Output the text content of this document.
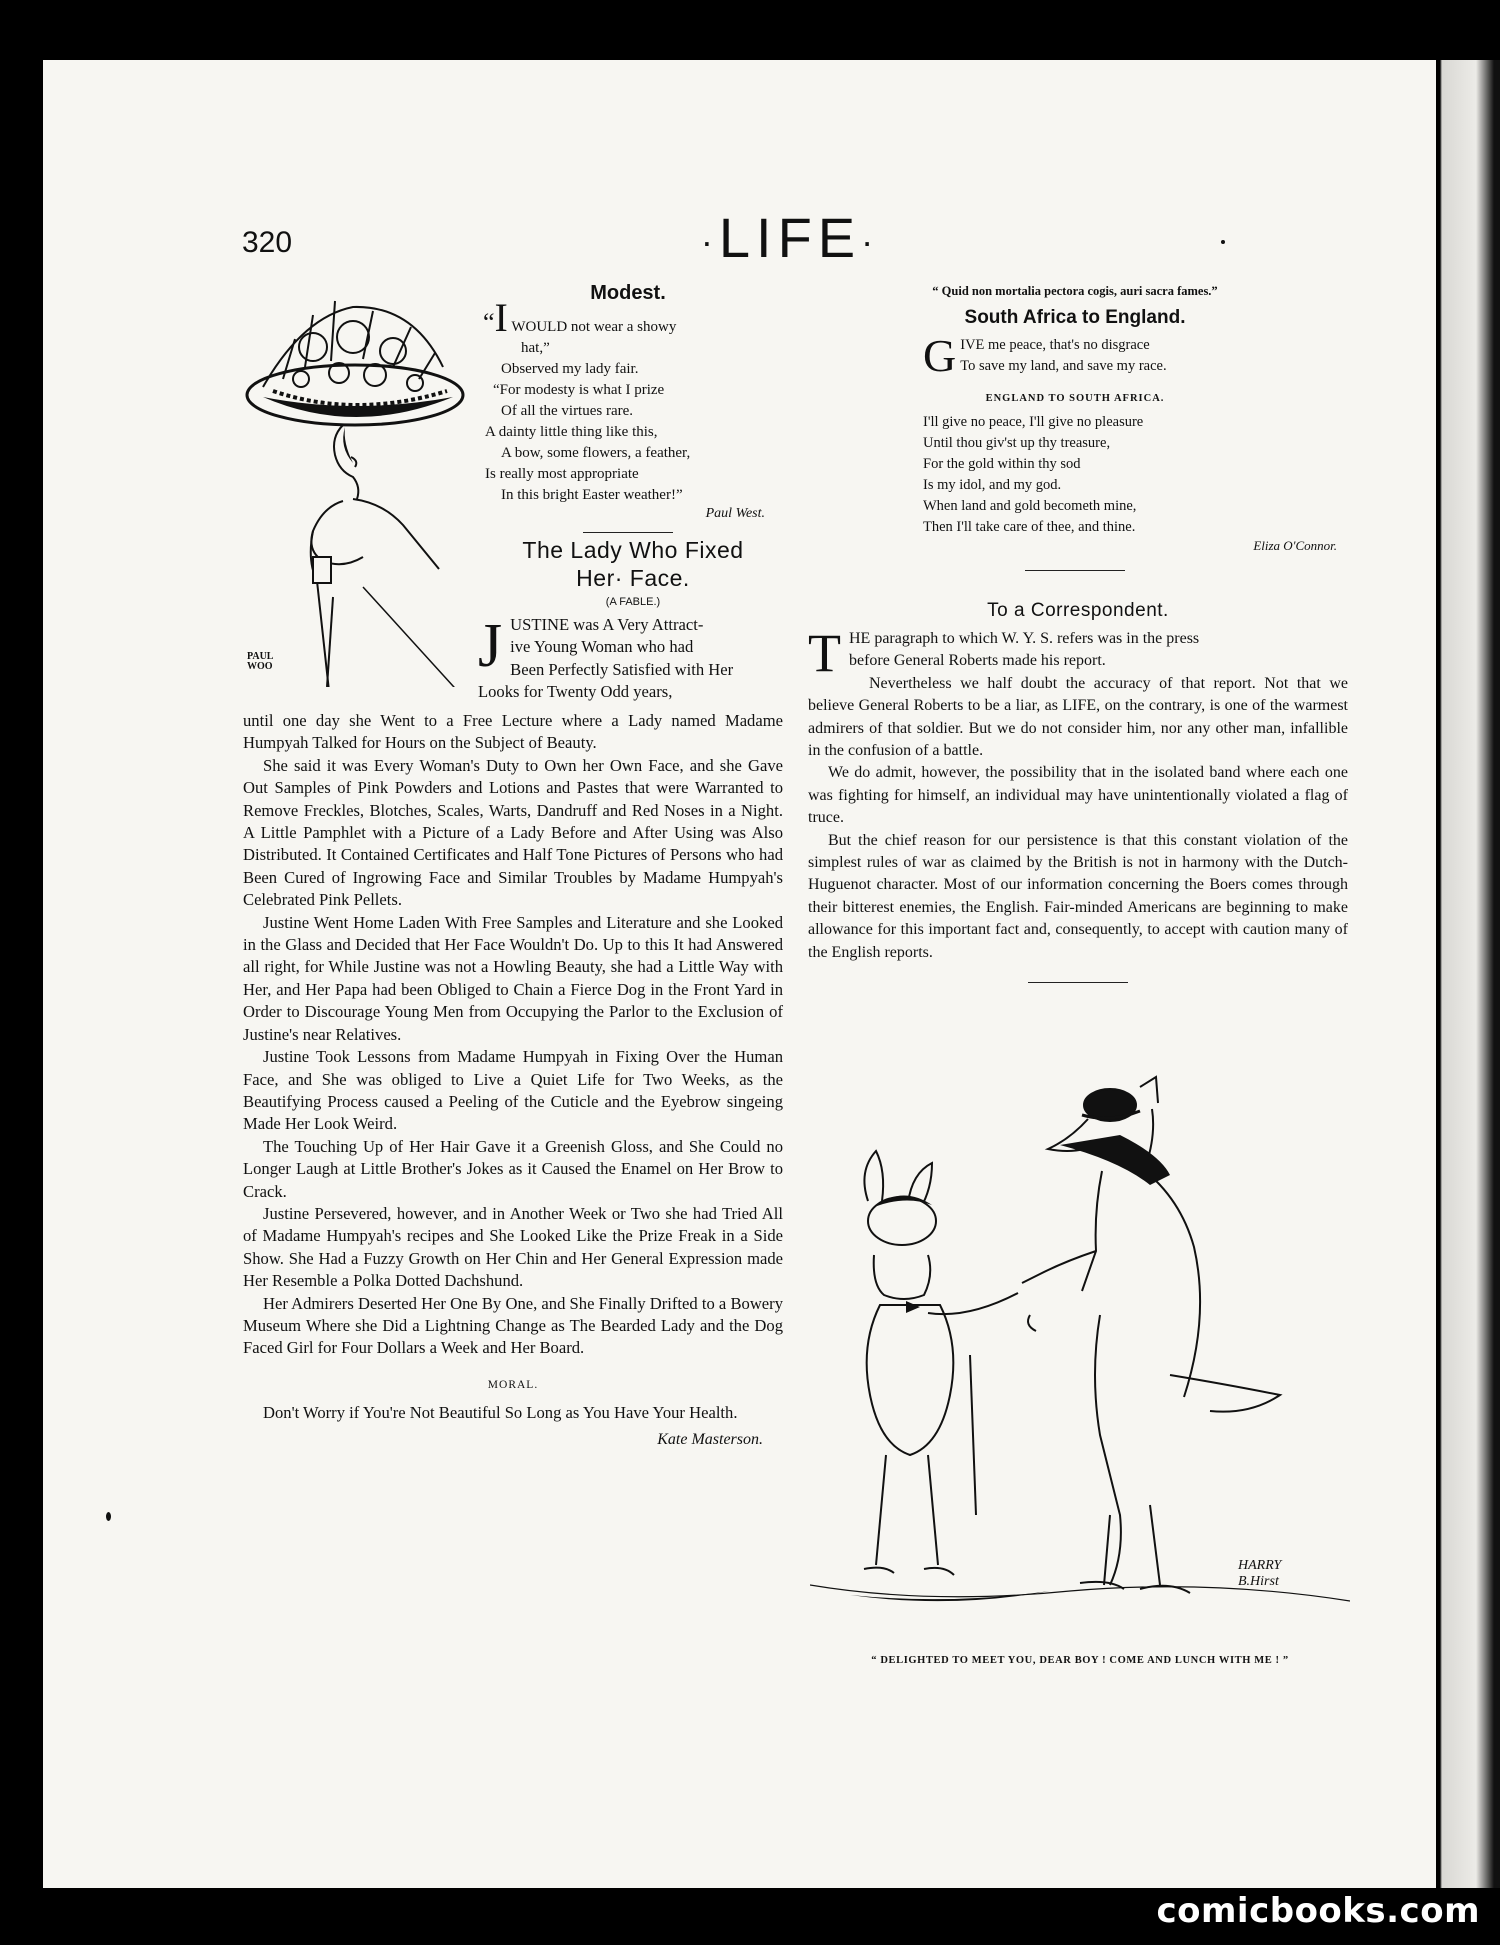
320	·LIFE·
PAUL
WOO
Modest.
“I WOULD not wear a showy
hat,”
Observed my lady fair.
“For modesty is what I prize
Of all the virtues rare.
A dainty little thing like this,
A bow, some flowers, a feather,
Is really most appropriate
In this bright Easter weather!”
Paul West.
The Lady Who Fixed
Her· Face.
(A FABLE.)
J USTINE was A Very Attract-
ive Young Woman who had
Been Perfectly Satisfied with Her
Looks for Twenty Odd years,

until one day she Went to a Free Lecture where a Lady named Madame Humpyah Talked for Hours on the Subject of Beauty.

She said it was Every Woman's Duty to Own her Own Face, and she Gave Out Samples of Pink Powders and Lotions and Pastes that were Warranted to Remove Freckles, Blotches, Scales, Warts, Dandruff and Red Noses in a Night. A Little Pamphlet with a Picture of a Lady Before and After Using was Also Distributed. It Contained Certificates and Half Tone Pictures of Persons who had Been Cured of Ingrowing Face and Similar Troubles by Madame Humpyah's Celebrated Pink Pellets.

Justine Went Home Laden With Free Samples and Literature and she Looked in the Glass and Decided that Her Face Wouldn't Do. Up to this It had Answered all right, for While Justine was not a Howling Beauty, she had a Little Way with Her, and Her Papa had been Obliged to Chain a Fierce Dog in the Front Yard in Order to Discourage Young Men from Occupying the Parlor to the Exclusion of Justine's near Relatives.

Justine Took Lessons from Madame Humpyah in Fixing Over the Human Face, and She was obliged to Live a Quiet Life for Two Weeks, as the Beautifying Process caused a Peeling of the Cuticle and the Eyebrow singeing Made Her Look Weird.

The Touching Up of Her Hair Gave it a Greenish Gloss, and She Could no Longer Laugh at Little Brother's Jokes as it Caused the Enamel on Her Brow to Crack.

Justine Persevered, however, and in Another Week or Two she had Tried All of Madame Humpyah's recipes and She Looked Like the Prize Freak in a Side Show. She Had a Fuzzy Growth on Her Chin and Her General Expression made Her Resemble a Polka Dotted Dachshund.

Her Admirers Deserted Her One By One, and She Finally Drifted to a Bowery Museum Where she Did a Lightning Change as The Bearded Lady and the Dog Faced Girl for Four Dollars a Week and Her Board.

MORAL.

Don't Worry if You're Not Beautiful So Long as You Have Your Health.

Kate Masterson.
“ Quid non mortalia pectora cogis, auri sacra fames.”
South Africa to England.
G IVE me peace, that's no disgrace
To save my land, and save my race.
ENGLAND TO SOUTH AFRICA.
I'll give no peace, I'll give no pleasure
Until thou giv'st up thy treasure,
For the gold within thy sod
Is my idol, and my god.
When land and gold becometh mine,
Then I'll take care of thee, and thine.
Eliza O'Connor.
To a Correspondent.
T HE paragraph to which W. Y. S. refers was in the press
before General Roberts made his report.

Nevertheless we half doubt the accuracy of that report. Not that we believe General Roberts to be a liar, as LIFE, on the contrary, is one of the warmest admirers of that soldier. But we do not consider him, nor any other man, infallible in the confusion of a battle.

We do admit, however, the possibility that in the isolated band where each one was fighting for himself, an individual may have unintentionally violated a flag of truce.

But the chief reason for our persistence is that this constant violation of the simplest rules of war as claimed by the British is not in harmony with the Dutch-Huguenot character. Most of our information concerning the Boers comes through their bitterest enemies, the English. Fair-minded Americans are beginning to make allowance for this important fact and, consequently, to accept with caution many of the English reports.

HARRY
B.Hirst
“ DELIGHTED TO MEET YOU, DEAR BOY ! COME AND LUNCH WITH ME ! ”
comicbooks.com
